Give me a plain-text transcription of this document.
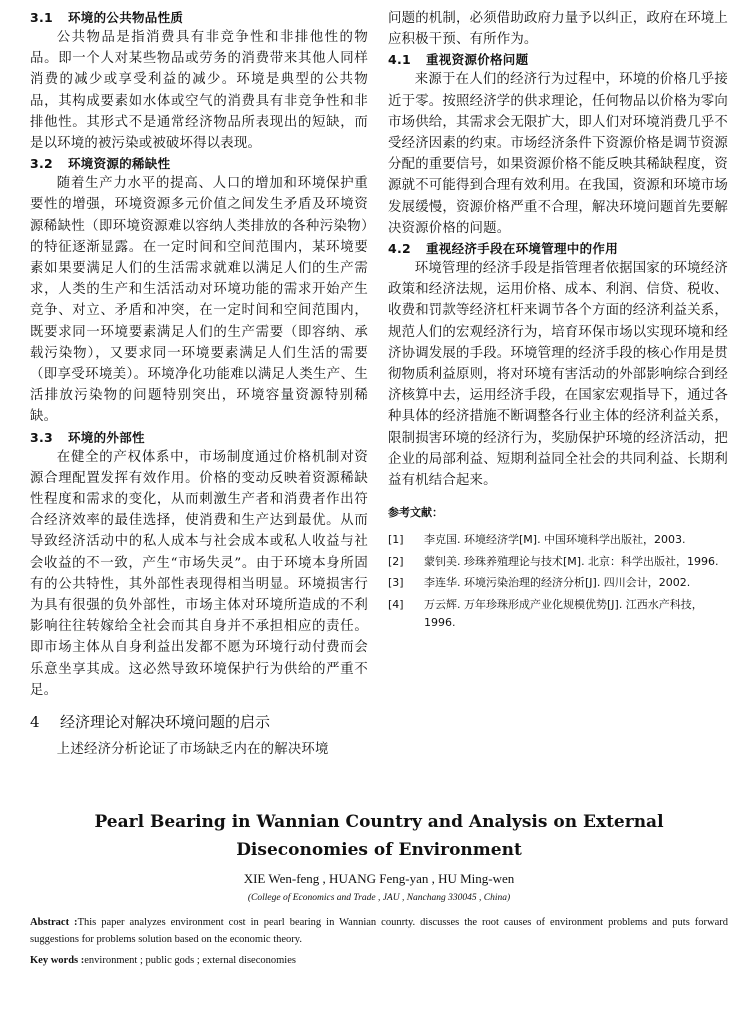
3.1 环境的公共物品性质

公共物品是指消费具有非竞争性和非排他性的物品。即一个人对某些物品或劳务的消费带来其他人同样消费的减少或享受利益的减少。环境是典型的公共物品，其构成要素如水体或空气的消费具有非竞争性和非排他性。其形式不是通常经济物品所表现出的短缺，而是以环境的被污染或被破坏得以表现。

3.2 环境资源的稀缺性

随着生产力水平的提高、人口的增加和环境保护重要性的增强，环境资源多元价值之间发生矛盾及环境资源稀缺性（即环境资源难以容纳人类排放的各种污染物）的特征逐渐显露。在一定时间和空间范围内，某环境要素如果要满足人们的生活需求就难以满足人们的生产需求，人类的生产和生活活动对环境功能的需求开始产生竞争、对立、矛盾和冲突，在一定时间和空间范围内，既要求同一环境要素满足人们的生产需要（即容纳、承载污染物），又要求同一环境要素满足人们生活的需要（即享受环境美）。环境净化功能难以满足人类生产、生活排放污染物的问题特别突出，环境容量资源特别稀缺。

3.3 环境的外部性

在健全的产权体系中，市场制度通过价格机制对资源合理配置发挥有效作用。价格的变动反映着资源稀缺性程度和需求的变化，从而刺激生产者和消费者作出符合经济效率的最佳选择，使消费和生产达到最优。从而导致经济活动中的私人成本与社会成本或私人收益与社会收益的不一致，产生“市场失灵”。由于环境本身所固有的公共特性，其外部性表现得相当明显。环境损害行为具有很强的负外部性，市场主体对环境所造成的不利影响往往转嫁给全社会而其自身并不承担相应的责任。即市场主体从自身利益出发都不愿为环境行动付费而会乐意坐享其成。这必然导致环境保护行为供给的严重不足。

4 经济理论对解决环境问题的启示

上述经济分析论证了市场缺乏内在的解决环境

问题的机制，必须借助政府力量予以纠正，政府在环境上应积极干预、有所作为。

4.1 重视资源价格问题

来源于在人们的经济行为过程中，环境的价格几乎接近于零。按照经济学的供求理论，任何物品以价格为零向市场供给，其需求会无限扩大，即人们对环境消费几乎不受经济因素的约束。市场经济条件下资源价格是调节资源分配的重要信号，如果资源价格不能反映其稀缺程度，资源就不可能得到合理有效利用。在我国，资源和环境市场发展缓慢，资源价格严重不合理，解决环境问题首先要解决资源价格的问题。

4.2 重视经济手段在环境管理中的作用

环境管理的经济手段是指管理者依据国家的环境经济政策和经济法规，运用价格、成本、利润、信贷、税收、收费和罚款等经济杠杆来调节各个方面的经济利益关系，规范人们的宏观经济行为，培育环保市场以实现环境和经济协调发展的手段。环境管理的经济手段的核心作用是贯彻物质利益原则，将对环境有害活动的外部影响综合到经济核算中去，运用经济手段，在国家宏观指导下，通过各种具体的经济措施不断调整各行业主体的经济利益关系，限制损害环境的经济行为，奖励保护环境的经济活动，把企业的局部利益、短期利益同全社会的共同利益、长期利益有机结合起来。

参考文献：
[1]	李克国. 环境经济学[M]. 中国环境科学出版社，2003.
[2]	蒙钊美. 珍珠养殖理论与技术[M]. 北京：科学出版社，1996.
[3]	李连华. 环境污染治理的经济分析[J]. 四川会计，2002.
[4]	万云辉. 万年珍珠形成产业化规模优势[J]. 江西水产科技，1996.
Pearl Bearing in Wannian Country and Analysis on External
Diseconomies of Environment
XIE Wen-feng , HUANG Feng-yan , HU Ming-wen
(College of Economics and Trade , JAU , Nanchang 330045 , China)
Abstract :This paper analyzes environment cost in pearl bearing in Wannian counrty. discusses the root causes of environment problems and puts forward suggestions for problems solution based on the economic theory.
Key words :environment ; public gods ; external diseconomies
